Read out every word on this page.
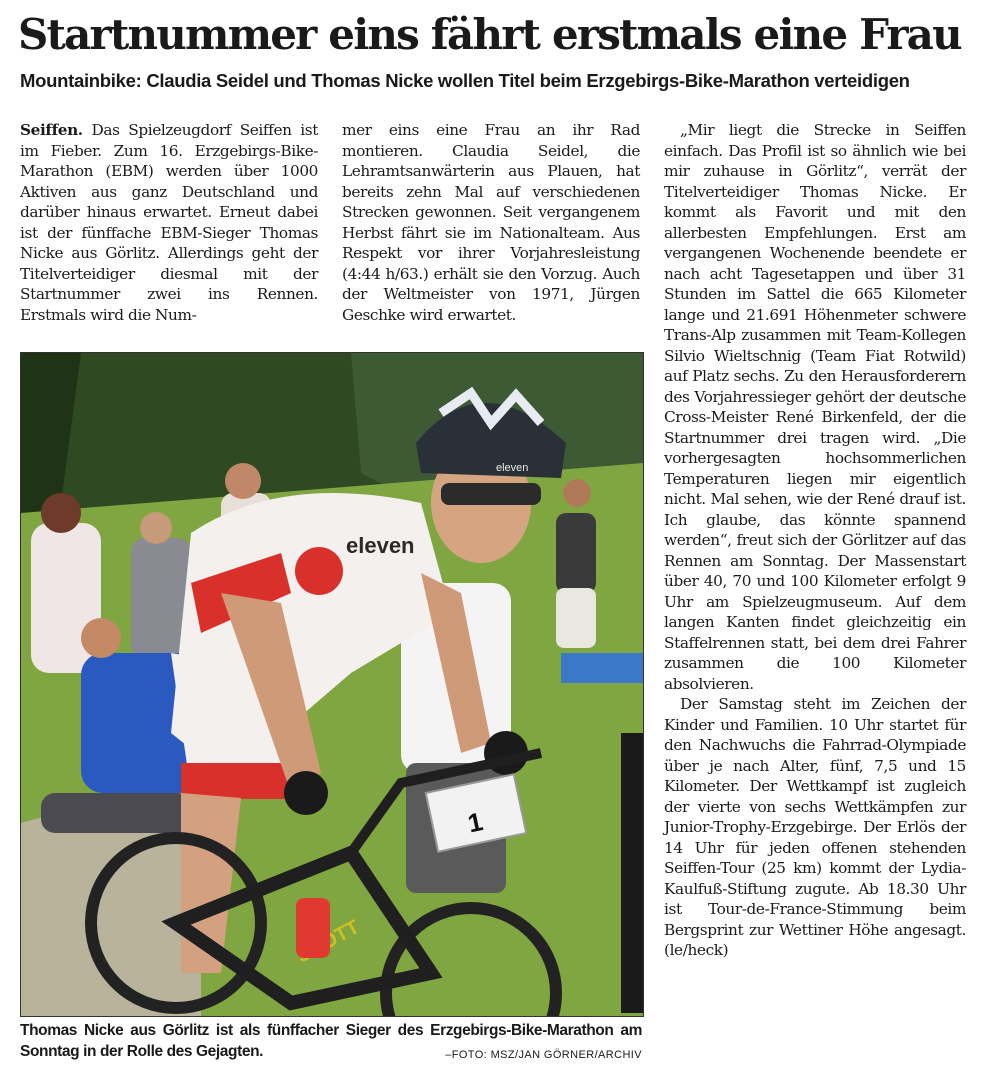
Startnummer eins fährt erstmals eine Frau
Mountainbike: Claudia Seidel und Thomas Nicke wollen Titel beim Erzgebirgs-Bike-Marathon verteidigen

Seiffen. Das Spielzeugdorf Seiffen ist im Fieber. Zum 16. Erzgebirgs-Bike-Marathon (EBM) werden über 1000 Aktiven aus ganz Deutschland und darüber hinaus erwartet. Erneut dabei ist der fünffache EBM-Sieger Thomas Nicke aus Görlitz. Allerdings geht der Titelverteidiger diesmal mit der Startnummer zwei ins Rennen. Erstmals wird die Num-

mer eins eine Frau an ihr Rad montieren. Claudia Seidel, die Lehramtsanwärterin aus Plauen, hat bereits zehn Mal auf verschiedenen Strecken gewonnen. Seit vergangenem Herbst fährt sie im Nationalteam. Aus Respekt vor ihrer Vorjahresleistung (4:44 h/63.) erhält sie den Vorzug. Auch der Weltmeister von 1971, Jürgen Geschke wird erwartet.

„Mir liegt die Strecke in Seiffen einfach. Das Profil ist so ähnlich wie bei mir zuhause in Görlitz“, verrät der Titelverteidiger Thomas Nicke. Er kommt als Favorit und mit den allerbesten Empfehlungen. Erst am vergangenen Wochenende beendete er nach acht Tagesetappen und über 31 Stunden im Sattel die 665 Kilometer lange und 21.691 Höhenmeter schwere Trans-Alp zusammen mit Team-Kollegen Silvio Wieltschnig (Team Fiat Rotwild) auf Platz sechs. Zu den Herausforderern des Vorjahressieger gehört der deutsche Cross-Meister René Birkenfeld, der die Startnummer drei tragen wird. „Die vorhergesagten hochsommerlichen Temperaturen liegen mir eigentlich nicht. Mal sehen, wie der René drauf ist. Ich glaube, das könnte spannend werden“, freut sich der Görlitzer auf das Rennen am Sonntag. Der Massenstart über 40, 70 und 100 Kilometer erfolgt 9 Uhr am Spielzeugmuseum. Auf dem langen Kanten findet gleichzeitig ein Staffelrennen statt, bei dem drei Fahrer zusammen die 100 Kilometer absolvieren.

Der Samstag steht im Zeichen der Kinder und Familien. 10 Uhr startet für den Nachwuchs die Fahrrad-Olympiade über je nach Alter, fünf, 7,5 und 15 Kilometer. Der Wettkampf ist zugleich der vierte von sechs Wettkämpfen zur Junior-Trophy-Erzgebirge. Der Erlös der 14 Uhr für jeden offenen stehenden Seiffen-Tour (25 km) kommt der Lydia-Kaulfuß-Stiftung zugute. Ab 18.30 Uhr ist Tour-de-France-Stimmung beim Bergsprint zur Wettiner Höhe angesagt. (le/heck)

eleven
eleven
1
Thomas Nicke aus Görlitz ist als fünffacher Sieger des Erzgebirgs-Bike-Marathon am Sonntag in der Rolle des Gejagten.	–FOTO: MSZ/JAN GÖRNER/ARCHIV
